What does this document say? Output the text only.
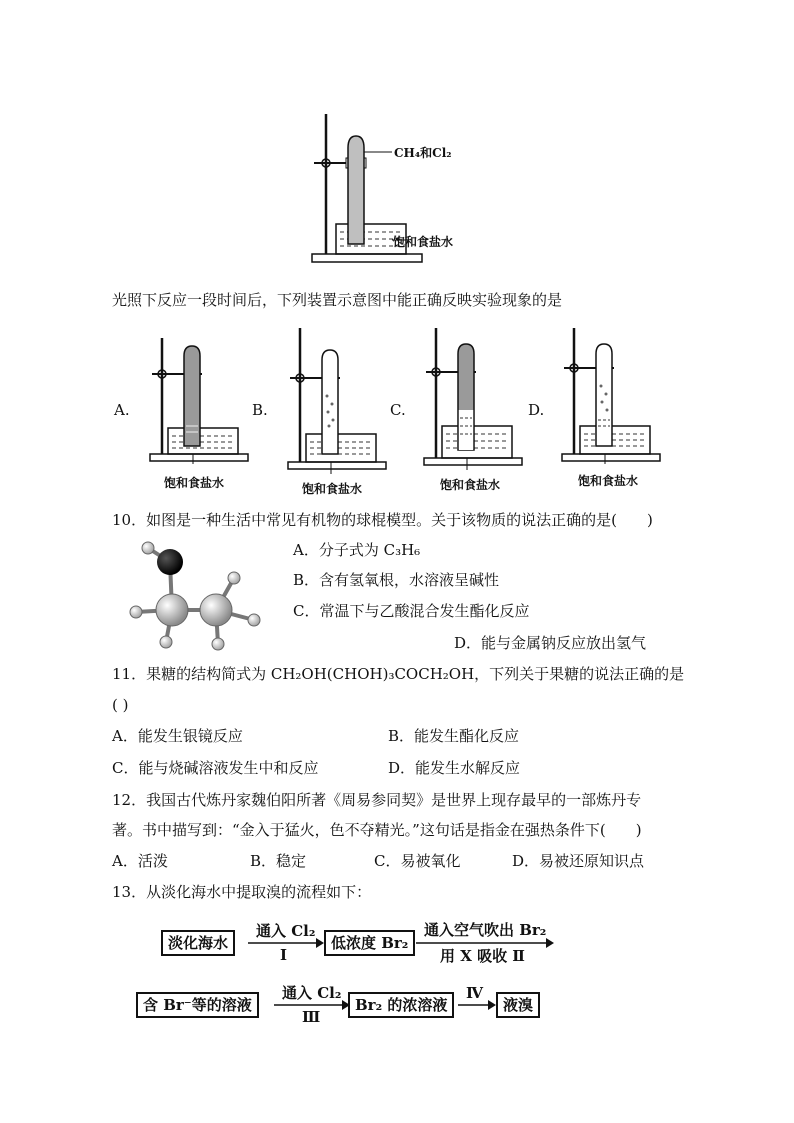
CH₄和Cl₂
饱和食盐水
光照下反应一段时间后，下列装置示意图中能正确反映实验现象的是
A.
饱和食盐水
B.
饱和食盐水
C.
饱和食盐水
D.
饱和食盐水
10．如图是一种生活中常见有机物的球棍模型。关于该物质的说法正确的是(　　)
A．分子式为 C₃H₆
B．含有氢氧根，水溶液呈碱性
C．常温下与乙酸混合发生酯化反应
D．能与金属钠反应放出氢气
11．果糖的结构简式为 CH₂OH(CHOH)₃COCH₂OH，下列关于果糖的说法正确的是
( )
A．能发生银镜反应	B．能发生酯化反应
C．能与烧碱溶液发生中和反应	D．能发生水解反应
12．我国古代炼丹家魏伯阳所著《周易参同契》是世界上现存最早的一部炼丹专
著。书中描写到：“金入于猛火，色不夺精光。”这句话是指金在强热条件下(　　)
A．活泼	B．稳定	C．易被氧化	D．易被还原知识点
13．从淡化海水中提取溴的流程如下：
淡化海水
通入 Cl₂
Ⅰ
低浓度 Br₂
通入空气吹出 Br₂
用 X 吸收 Ⅱ
含 Br⁻等的溶液
通入 Cl₂
Ⅲ
Br₂ 的浓溶液
Ⅳ
液溴
